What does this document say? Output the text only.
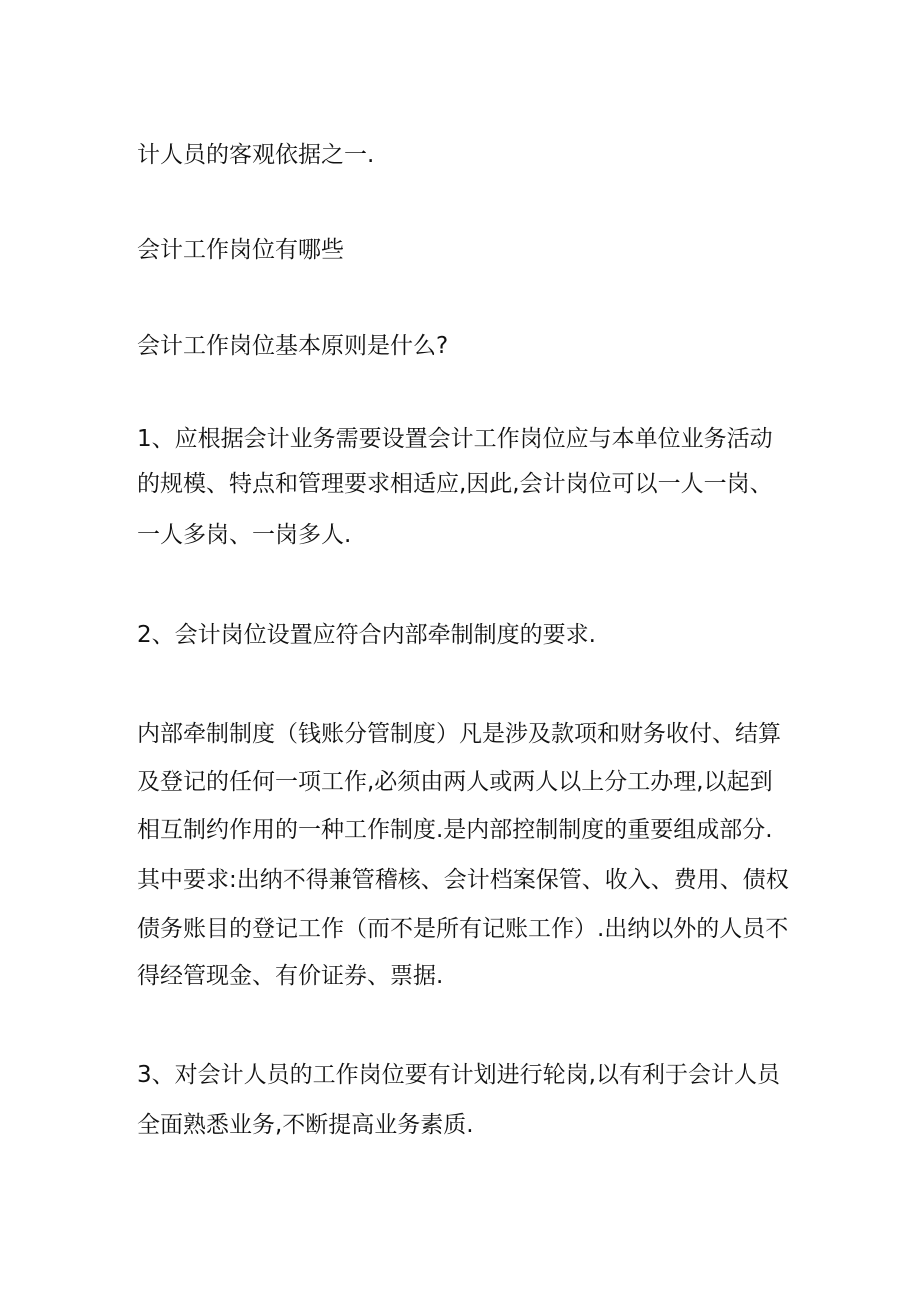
计人员的客观依据之一.
会计工作岗位有哪些
会计工作岗位基本原则是什么?
1、应根据会计业务需要设置会计工作岗位应与本单位业务活动
的规模、特点和管理要求相适应,因此,会计岗位可以一人一岗、
一人多岗、一岗多人.
2、会计岗位设置应符合内部牵制制度的要求.
内部牵制制度（钱账分管制度）凡是涉及款项和财务收付、结算
及登记的任何一项工作,必须由两人或两人以上分工办理,以起到
相互制约作用的一种工作制度.是内部控制制度的重要组成部分.
其中要求:出纳不得兼管稽核、会计档案保管、收入、费用、债权
债务账目的登记工作（而不是所有记账工作）.出纳以外的人员不
得经管现金、有价证券、票据.
3、对会计人员的工作岗位要有计划进行轮岗,以有利于会计人员
全面熟悉业务,不断提高业务素质.
